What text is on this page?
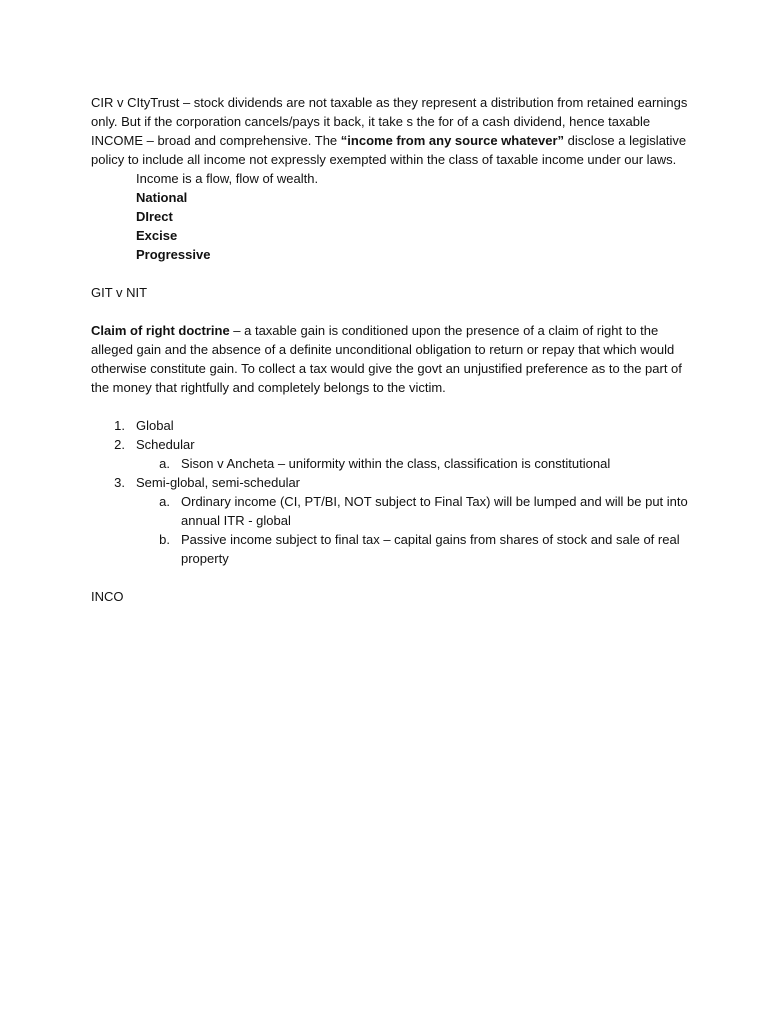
CIR v CItyTrust – stock dividends are not taxable as they represent a distribution from retained earnings only. But if the corporation cancels/pays it back, it take s the for of a cash dividend, hence taxable

INCOME – broad and comprehensive. The “income from any source whatever” disclose a legislative policy to include all income not expressly exempted within the class of taxable income under our laws.

Income is a flow, flow of wealth.

National

DIrect

Excise

Progressive

GIT v NIT

Claim of right doctrine – a taxable gain is conditioned upon the presence of a claim of right to the alleged gain and the absence of a definite unconditional obligation to return or repay that which would otherwise constitute gain. To collect a tax would give the govt an unjustified preference as to the part of the money that rightfully and completely belongs to the victim.

1. Global
2. Schedular
a. Sison v Ancheta – uniformity within the class, classification is constitutional
3. Semi-global, semi-schedular
a. Ordinary income (CI, PT/BI, NOT subject to Final Tax) will be lumped and will be put into annual ITR - global
b. Passive income subject to final tax – capital gains from shares of stock and sale of real property

INCO
